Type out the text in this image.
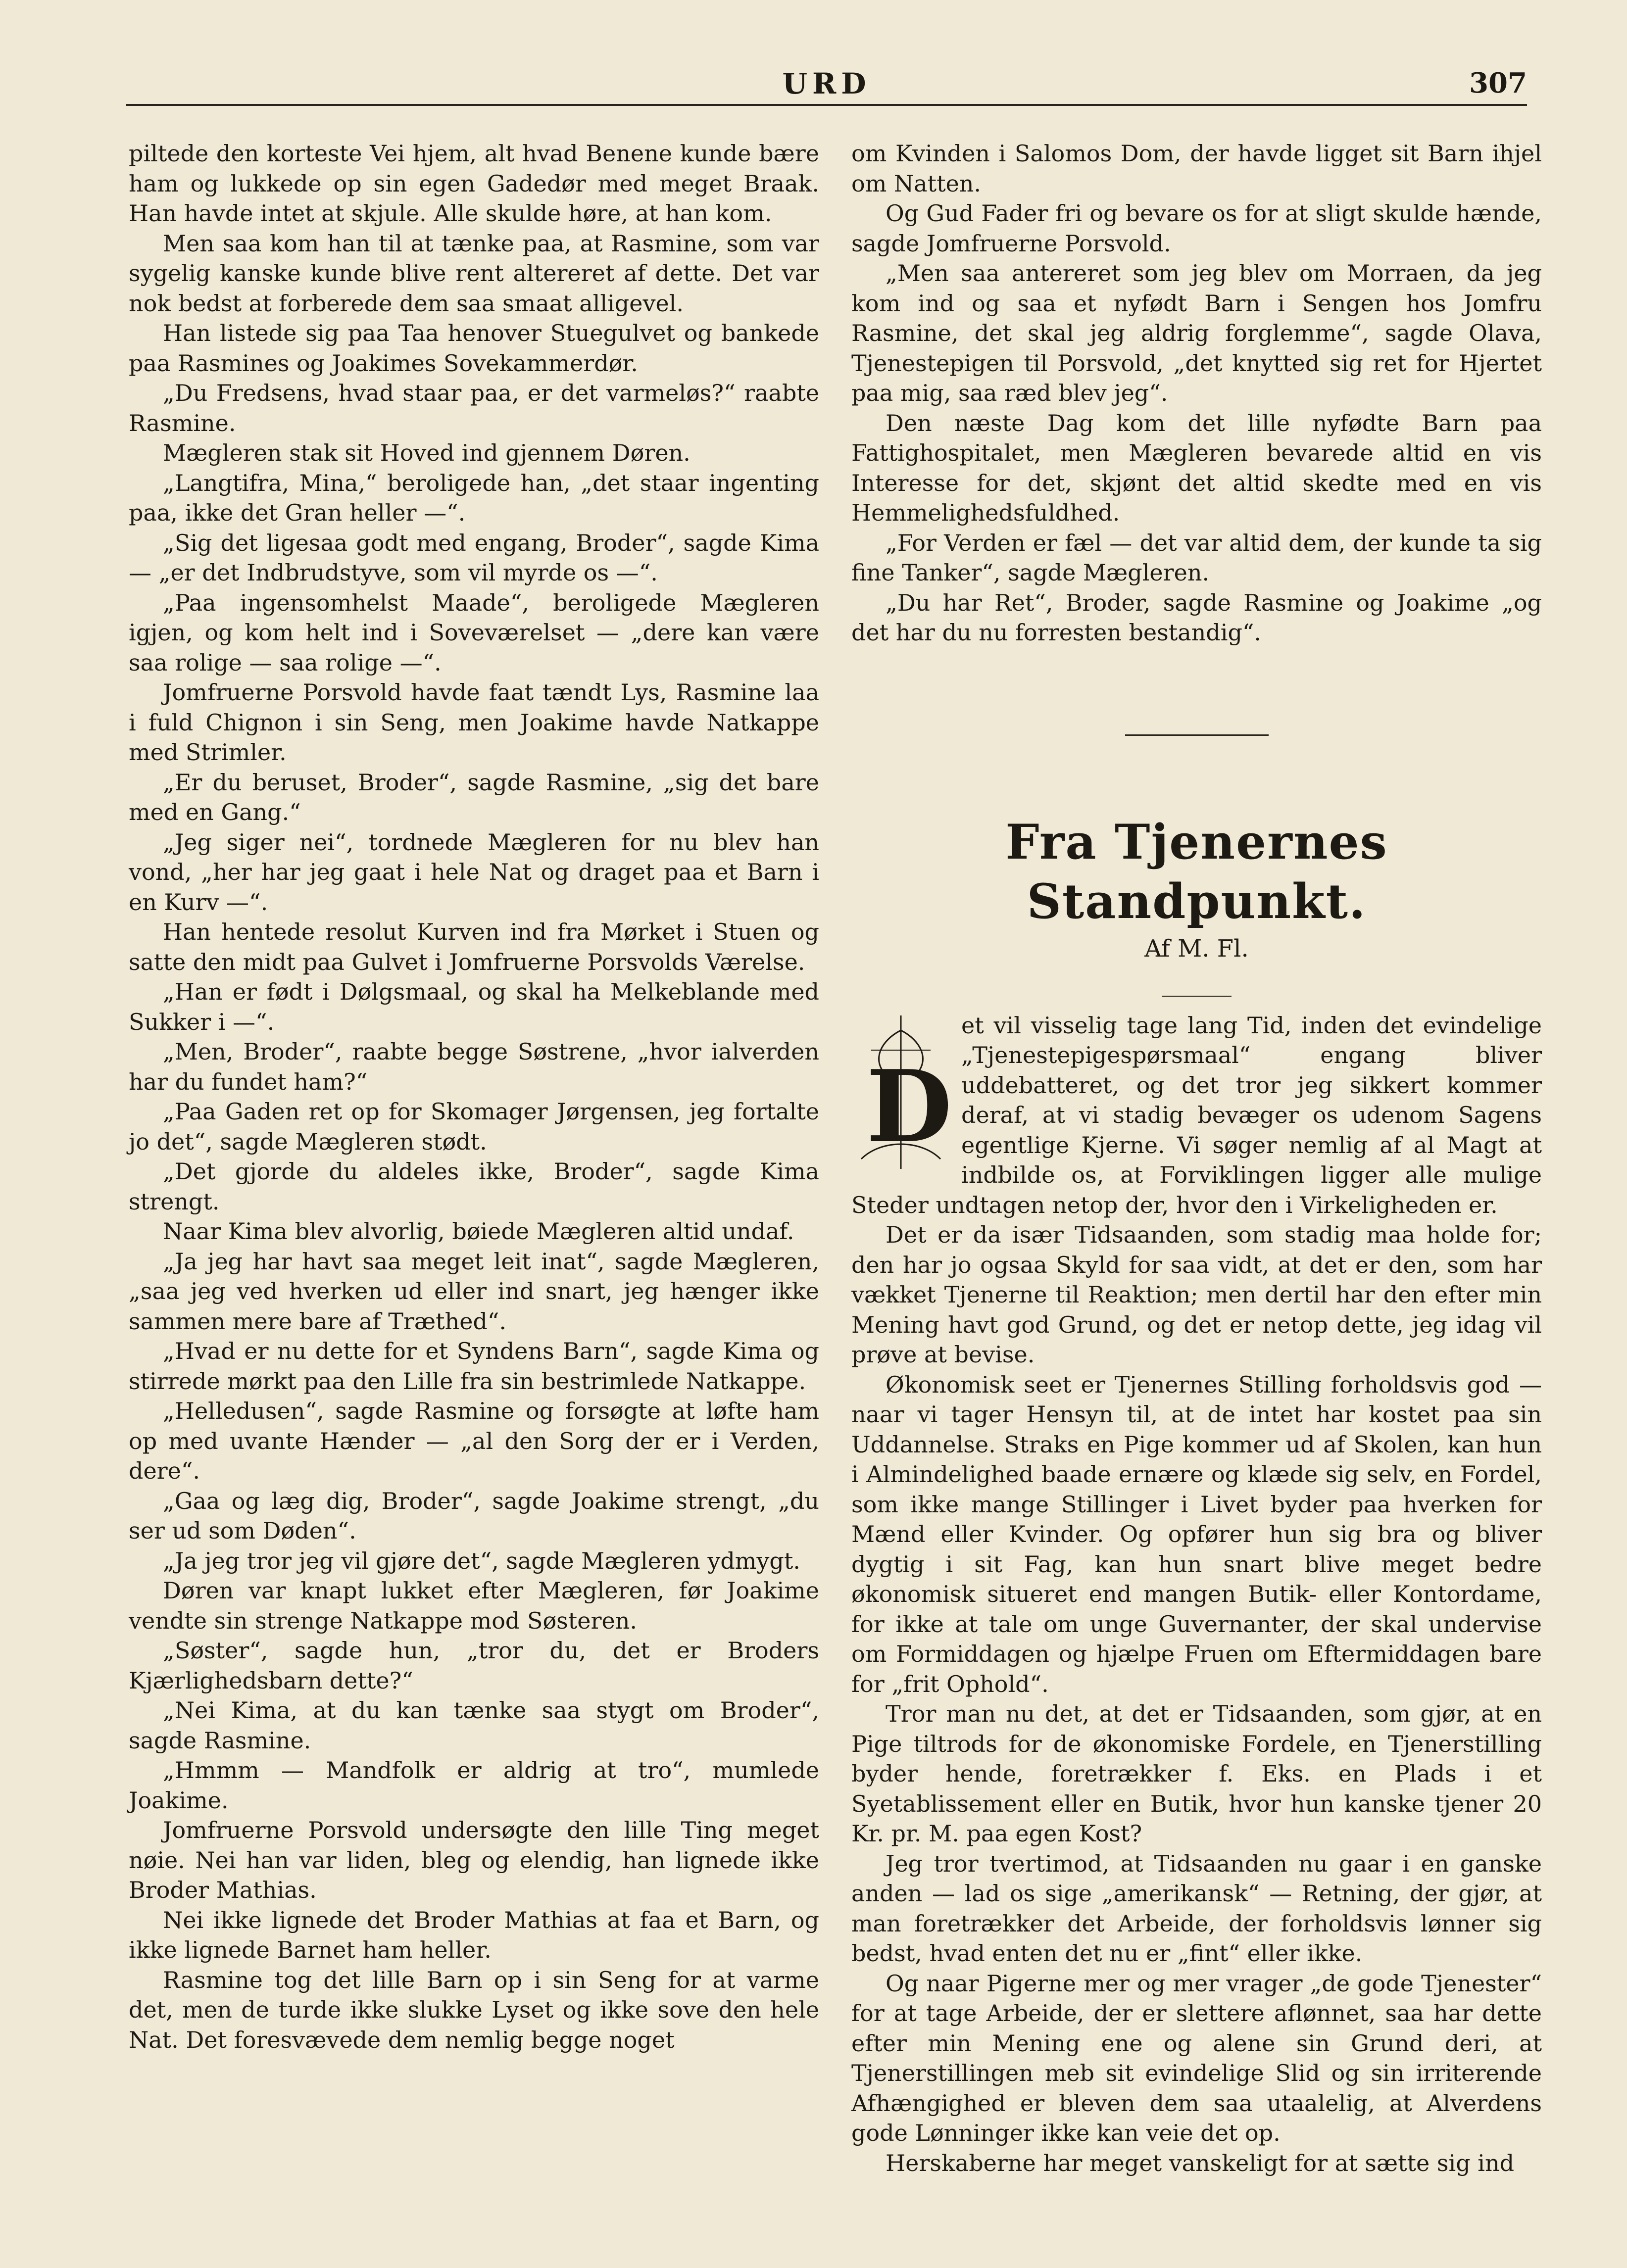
URD	307

piltede den korteste Vei hjem, alt hvad Benene kunde bære ham og lukkede op sin egen Gadedør med meget Braak. Han havde intet at skjule. Alle skulde høre, at han kom.

Men saa kom han til at tænke paa, at Rasmine, som var sygelig kanske kunde blive rent altereret af dette. Det var nok bedst at forberede dem saa smaat alligevel.

Han listede sig paa Taa henover Stuegulvet og bankede paa Rasmines og Joakimes Sovekammerdør.

„Du Fredsens, hvad staar paa, er det varmeløs?“ raabte Rasmine.

Mægleren stak sit Hoved ind gjennem Døren.

„Langtifra, Mina,“ beroligede han, „det staar ingenting paa, ikke det Gran heller —“.

„Sig det ligesaa godt med engang, Broder“, sagde Kima — „er det Indbrudstyve, som vil myrde os —“.

„Paa ingensomhelst Maade“, beroligede Mægleren igjen, og kom helt ind i Soveværelset — „dere kan være saa rolige — saa rolige —“.

Jomfruerne Porsvold havde faat tændt Lys, Rasmine laa i fuld Chignon i sin Seng, men Joakime havde Natkappe med Strimler.

„Er du beruset, Broder“, sagde Rasmine, „sig det bare med en Gang.“

„Jeg siger nei“, tordnede Mægleren for nu blev han vond, „her har jeg gaat i hele Nat og draget paa et Barn i en Kurv —“.

Han hentede resolut Kurven ind fra Mørket i Stuen og satte den midt paa Gulvet i Jomfruerne Porsvolds Værelse.

„Han er født i Dølgsmaal, og skal ha Melkeblande med Sukker i —“.

„Men, Broder“, raabte begge Søstrene, „hvor ialverden har du fundet ham?“

„Paa Gaden ret op for Skomager Jørgensen, jeg fortalte jo det“, sagde Mægleren stødt.

„Det gjorde du aldeles ikke, Broder“, sagde Kima strengt.

Naar Kima blev alvorlig, bøiede Mægleren altid undaf.

„Ja jeg har havt saa meget leit inat“, sagde Mægleren, „saa jeg ved hverken ud eller ind snart, jeg hænger ikke sammen mere bare af Træthed“.

„Hvad er nu dette for et Syndens Barn“, sagde Kima og stirrede mørkt paa den Lille fra sin bestrimlede Natkappe.

„Helledusen“, sagde Rasmine og forsøgte at løfte ham op med uvante Hænder — „al den Sorg der er i Verden, dere“.

„Gaa og læg dig, Broder“, sagde Joakime strengt, „du ser ud som Døden“.

„Ja jeg tror jeg vil gjøre det“, sagde Mægleren ydmygt.

Døren var knapt lukket efter Mægleren, før Joakime vendte sin strenge Natkappe mod Søsteren.

„Søster“, sagde hun, „tror du, det er Broders Kjærlighedsbarn dette?“

„Nei Kima, at du kan tænke saa stygt om Broder“, sagde Rasmine.

„Hmmm — Mandfolk er aldrig at tro“, mumlede Joakime.

Jomfruerne Porsvold undersøgte den lille Ting meget nøie. Nei han var liden, bleg og elendig, han lignede ikke Broder Mathias.

Nei ikke lignede det Broder Mathias at faa et Barn, og ikke lignede Barnet ham heller.

Rasmine tog det lille Barn op i sin Seng for at varme det, men de turde ikke slukke Lyset og ikke sove den hele Nat. Det foresvævede dem nemlig begge noget

om Kvinden i Salomos Dom, der havde ligget sit Barn ihjel om Natten.

Og Gud Fader fri og bevare os for at sligt skulde hænde, sagde Jomfruerne Porsvold.

„Men saa antereret som jeg blev om Morraen, da jeg kom ind og saa et nyfødt Barn i Sengen hos Jomfru Rasmine, det skal jeg aldrig forglemme“, sagde Olava, Tjenestepigen til Porsvold, „det knytted sig ret for Hjertet paa mig, saa ræd blev jeg“.

Den næste Dag kom det lille nyfødte Barn paa Fattighospitalet, men Mægleren bevarede altid en vis Interesse for det, skjønt det altid skedte med en vis Hemmelighedsfuldhed.

„For Verden er fæl — det var altid dem, der kunde ta sig fine Tanker“, sagde Mægleren.

„Du har Ret“, Broder, sagde Rasmine og Joakime „og det har du nu forresten bestandig“.

Fra Tjenernes Standpunkt.
Af M. Fl.
D

et vil visselig tage lang Tid, inden det evindelige „Tjenestepigespørsmaal“ engang bliver uddebatteret, og det tror jeg sikkert kommer deraf, at vi stadig bevæger os udenom Sagens egentlige Kjerne. Vi søger nemlig af al Magt at indbilde os, at Forviklingen ligger alle mulige Steder undtagen netop der, hvor den i Virkeligheden er.

Det er da især Tidsaanden, som stadig maa holde for; den har jo ogsaa Skyld for saa vidt, at det er den, som har vækket Tjenerne til Reaktion; men dertil har den efter min Mening havt god Grund, og det er netop dette, jeg idag vil prøve at bevise.

Økonomisk seet er Tjenernes Stilling forholdsvis god — naar vi tager Hensyn til, at de intet har kostet paa sin Uddannelse. Straks en Pige kommer ud af Skolen, kan hun i Almindelighed baade ernære og klæde sig selv, en Fordel, som ikke mange Stillinger i Livet byder paa hverken for Mænd eller Kvinder. Og opfører hun sig bra og bliver dygtig i sit Fag, kan hun snart blive meget bedre økonomisk situeret end mangen Butik- eller Kontordame, for ikke at tale om unge Guvernanter, der skal undervise om Formiddagen og hjælpe Fruen om Eftermiddagen bare for „frit Ophold“.

Tror man nu det, at det er Tidsaanden, som gjør, at en Pige tiltrods for de økonomiske Fordele, en Tjenerstilling byder hende, foretrækker f. Eks. en Plads i et Syetablissement eller en Butik, hvor hun kanske tjener 20 Kr. pr. M. paa egen Kost?

Jeg tror tvertimod, at Tidsaanden nu gaar i en ganske anden — lad os sige „amerikansk“ — Retning, der gjør, at man foretrækker det Arbeide, der forholdsvis lønner sig bedst, hvad enten det nu er „fint“ eller ikke.

Og naar Pigerne mer og mer vrager „de gode Tjenester“ for at tage Arbeide, der er slettere aflønnet, saa har dette efter min Mening ene og alene sin Grund deri, at Tjenerstillingen meb sit evindelige Slid og sin irriterende Afhængighed er bleven dem saa utaalelig, at Alverdens gode Lønninger ikke kan veie det op.

Herskaberne har meget vanskeligt for at sætte sig ind
